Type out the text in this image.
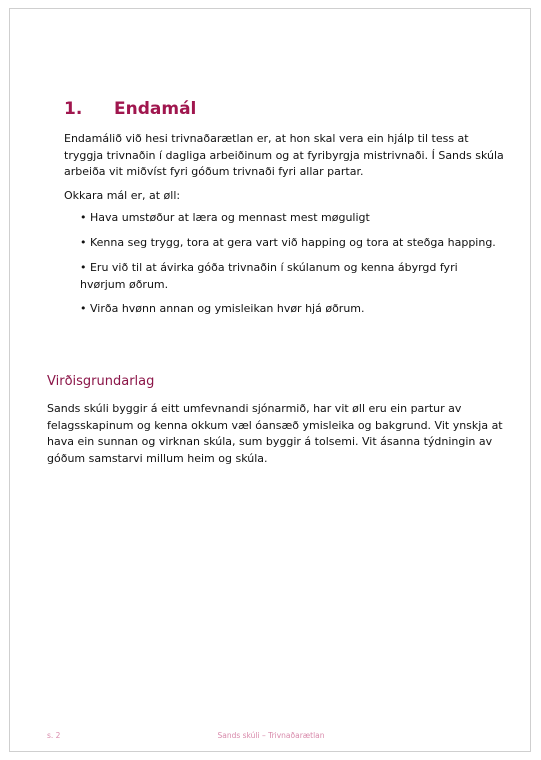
1. Endamál

Endamálið við hesi trivnaðarætlan er, at hon skal vera ein hjálp til tess at tryggja trivnaðin í dagliga arbeiðinum og at fyribyrgja mistrivnaði. Í Sands skúla arbeiða vit miðvíst fyri góðum trivnaði fyri allar partar.

Okkara mál er, at øll:

• Hava umstøður at læra og mennast mest møguligt
• Kenna seg trygg, tora at gera vart við happing og tora at steðga happing.
• Eru við til at ávirka góða trivnaðin í skúlanum og kenna ábyrgd fyri hvørjum øðrum.
• Virða hvønn annan og ymisleikan hvør hjá øðrum.
Virðisgrundarlag

Sands skúli byggir á eitt umfevnandi sjónarmið, har vit øll eru ein partur av felagsskapinum og kenna okkum væl óansæð ymisleika og bakgrund. Vit ynskja at hava ein sunnan og virknan skúla, sum byggir á tolsemi. Vit ásanna týdningin av góðum samstarvi millum heim og skúla.

s. 2	Sands skúli – Trivnaðarætlan
